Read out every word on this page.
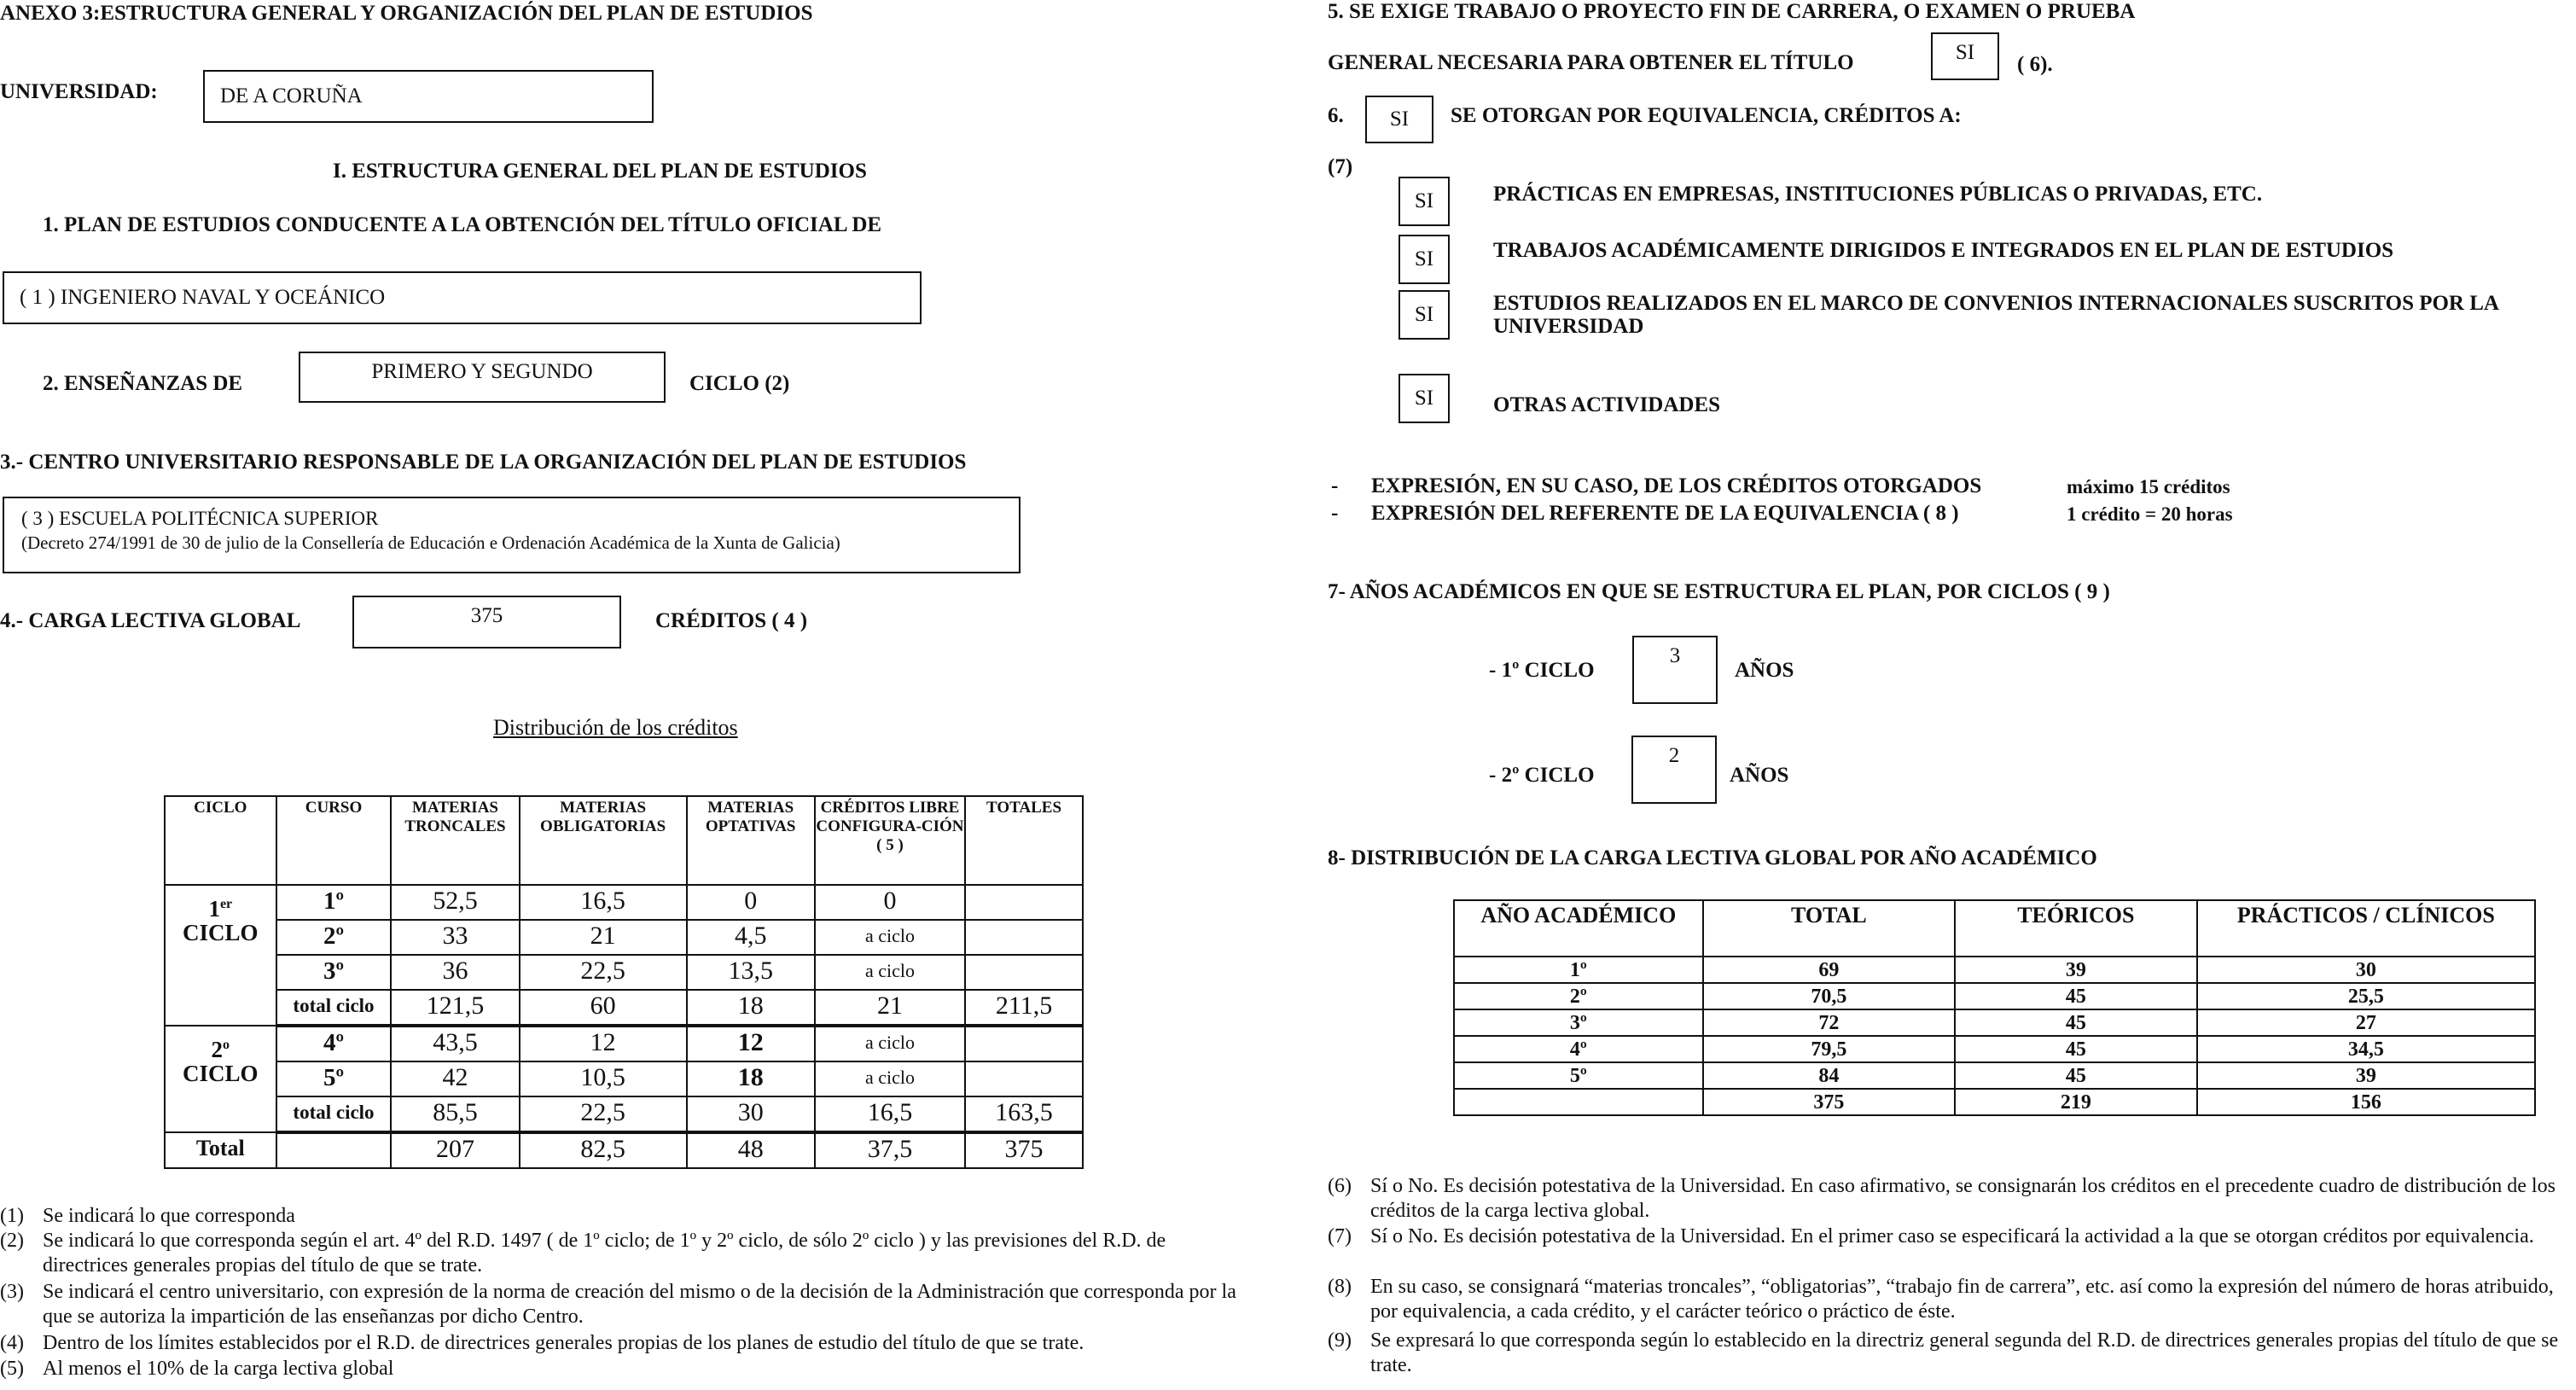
ANEXO 3:ESTRUCTURA GENERAL Y ORGANIZACIÓN DEL PLAN DE ESTUDIOS
UNIVERSIDAD:	DE A CORUÑA
I. ESTRUCTURA GENERAL DEL PLAN DE ESTUDIOS
1. PLAN DE ESTUDIOS CONDUCENTE A LA OBTENCIÓN DEL TÍTULO OFICIAL DE
( 1 ) INGENIERO NAVAL Y OCEÁNICO
2. ENSEÑANZAS DE
PRIMERO Y SEGUNDO
CICLO (2)
3.- CENTRO UNIVERSITARIO RESPONSABLE DE LA ORGANIZACIÓN DEL PLAN DE ESTUDIOS
( 3 ) ESCUELA POLITÉCNICA SUPERIOR
(Decreto 274/1991 de 30 de julio de la Consellería de Educación e Ordenación Académica de la Xunta de Galicia)
4.- CARGA LECTIVA GLOBAL	375	CRÉDITOS ( 4 )
Distribución de los créditos
CICLO	CURSO	MATERIAS TRONCALES	MATERIAS OBLIGATORIAS	MATERIAS OPTATIVAS	CRÉDITOS LIBRE CONFIGURA-CIÓN ( 5 )	TOTALES
1er
CICLO	1º	52,5	16,5	0	0	
	2º	33	21	4,5	a ciclo	
	3º	36	22,5	13,5	a ciclo	
	total ciclo	121,5	60	18	21	211,5
2$^o$
CICLO	4º	43,5	12	12	a ciclo	
	5º	42	10,5	18	a ciclo	
	total ciclo	85,5	22,5	30	16,5	163,5
Total		207	82,5	48	37,5	375
(1) Se indicará lo que corresponda
(2) Se indicará lo que corresponda según el art. 4º del R.D. 1497 ( de 1º ciclo; de 1º y 2º ciclo, de sólo 2º ciclo ) y las previsiones del R.D. de directrices generales propias del título de que se trate.
(3) Se indicará el centro universitario, con expresión de la norma de creación del mismo o de la decisión de la Administración que corresponda por la que se autoriza la impartición de las enseñanzas por dicho Centro.
(4) Dentro de los límites establecidos por el R.D. de directrices generales propias de los planes de estudio del título de que se trate.
(5) Al menos el 10% de la carga lectiva global
5. SE EXIGE TRABAJO O PROYECTO FIN DE CARRERA, O EXAMEN O PRUEBA
GENERAL NECESARIA PARA OBTENER EL TÍTULO	SI
( 6).
6. SI SE OTORGAN POR EQUIVALENCIA, CRÉDITOS A:
(7)
SI	PRÁCTICAS EN EMPRESAS, INSTITUCIONES PÚBLICAS O PRIVADAS, ETC.
SI	TRABAJOS ACADÉMICAMENTE DIRIGIDOS E INTEGRADOS EN EL PLAN DE ESTUDIOS
SI	ESTUDIOS REALIZADOS EN EL MARCO DE CONVENIOS INTERNACIONALES SUSCRITOS POR LA UNIVERSIDAD
SI	OTRAS ACTIVIDADES
- EXPRESIÓN, EN SU CASO, DE LOS CRÉDITOS OTORGADOS	máximo 15 créditos
- EXPRESIÓN DEL REFERENTE DE LA EQUIVALENCIA ( 8 )	1 crédito = 20 horas
7- AÑOS ACADÉMICOS EN QUE SE ESTRUCTURA EL PLAN, POR CICLOS ( 9 )
- 1º CICLO
3
AÑOS
- 2º CICLO
2
AÑOS
8- DISTRIBUCIÓN DE LA CARGA LECTIVA GLOBAL POR AÑO ACADÉMICO
AÑO ACADÉMICO	TOTAL	TEÓRICOS	PRÁCTICOS / CLÍNICOS
1º	69	39	30
2º	70,5	45	25,5
3º	72	45	27
4º	79,5	45	34,5
5º	84	45	39
	375	219	156
(6) Sí o No. Es decisión potestativa de la Universidad. En caso afirmativo, se consignarán los créditos en el precedente cuadro de distribución de los créditos de la carga lectiva global.
(7) Sí o No. Es decisión potestativa de la Universidad. En el primer caso se especificará la actividad a la que se otorgan créditos por equivalencia.
(8) En su caso, se consignará “materias troncales”, “obligatorias”, “trabajo fin de carrera”, etc. así como la expresión del número de horas atribuido, por equivalencia, a cada crédito, y el carácter teórico o práctico de éste.
(9) Se expresará lo que corresponda según lo establecido en la directriz general segunda del R.D. de directrices generales propias del título de que se trate.
